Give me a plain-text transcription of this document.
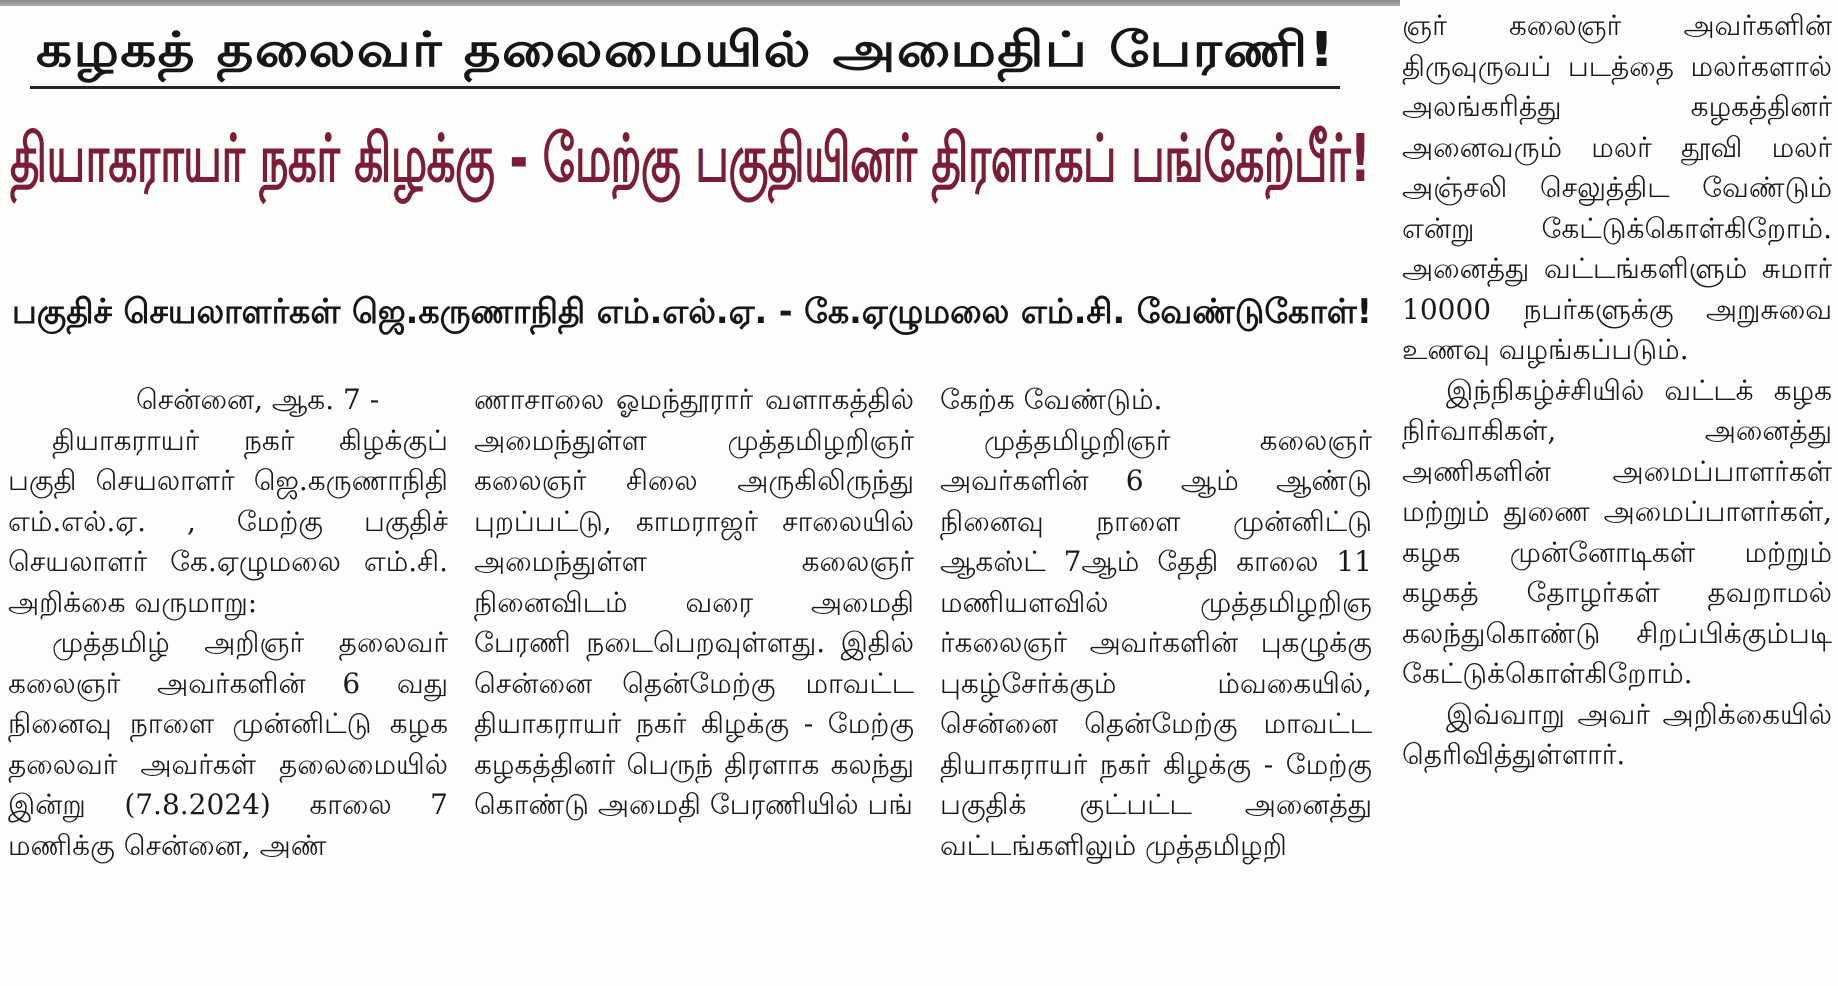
கழகத் தலைவர் தலைமையில் அமைதிப் பேரணி!
தியாகராயர் நகர் கிழக்கு - மேற்கு பகுதியினர் திரளாகப் பங்கேற்பீர்!
பகுதிச் செயலாளர்கள் ஜெ.கருணாநிதி எம்.எல்.ஏ. - கே.ஏழுமலை எம்.சி. வேண்டுகோள்!

சென்னை, ஆக. 7 -

தியாகராயர் நகர் கிழக்குப் பகுதி செயலாளர் ஜெ.கருணாநிதி எம்.எல்.ஏ. , மேற்கு பகுதிச் செயலாளர் கே.ஏழுமலை எம்.சி. அறிக்கை வருமாறு:

முத்தமிழ் அறிஞர் தலைவர் கலைஞர் அவர்களின் 6 வது நினைவு நாளை முன்னிட்டு கழக தலைவர் அவர்கள் தலைமையில் இன்று (7.8.2024) காலை 7 மணிக்கு சென்னை, அண்

ணாசாலை ஓமந்தூரார் வளாகத்தில் அமைந்துள்ள முத்தமிழறிஞர் கலைஞர் சிலை அருகிலிருந்து புறப்பட்டு, காமராஜர் சாலையில் அமைந்துள்ள கலைஞர் நினைவிடம் வரை அமைதி பேரணி நடைபெறவுள்ளது. இதில் சென்னை தென்மேற்கு மாவட்ட தியாகராயர் நகர் கிழக்கு - மேற்கு கழகத்தினர் பெருந் திரளாக கலந்து கொண்டு அமைதி பேரணியில் பங்

கேற்க வேண்டும்.

முத்தமிழறிஞர் கலைஞர் அவர்களின் 6 ஆம் ஆண்டு நினைவு நாளை முன்னிட்டு ஆகஸ்ட் 7ஆம் தேதி காலை 11 மணியளவில் முத்தமிழறிஞ ர்கலைஞர் அவர்களின் புகழுக்கு புகழ்சேர்க்கும் ம்வகையில், சென்னை தென்மேற்கு மாவட்ட தியாகராயர் நகர் கிழக்கு - மேற்கு பகுதிக் குட்பட்ட அனைத்து வட்டங்களிலும் முத்தமிழறி

ஞர் கலைஞர் அவர்களின் திருவுருவப் படத்தை மலர்களால் அலங்கரித்து கழகத்தினர் அனைவரும் மலர் தூவி மலர் அஞ்சலி செலுத்திட வேண்டும் என்று கேட்டுக்கொள்கிறோம். அனைத்து வட்டங்களிளும் சுமார் 10000 நபர்களுக்கு அறுசுவை உணவு வழங்கப்படும்.

இந்நிகழ்ச்சியில் வட்டக் கழக நிர்வாகிகள், அனைத்து அணிகளின் அமைப்பாளர்கள் மற்றும் துணை அமைப்பாளர்கள், கழக முன்னோடிகள் மற்றும் கழகத் தோழர்கள் தவறாமல் கலந்துகொண்டு சிறப்பிக்கும்படி கேட்டுக்கொள்கிறோம்.

இவ்வாறு அவர் அறிக்கையில் தெரிவித்துள்ளார்.
